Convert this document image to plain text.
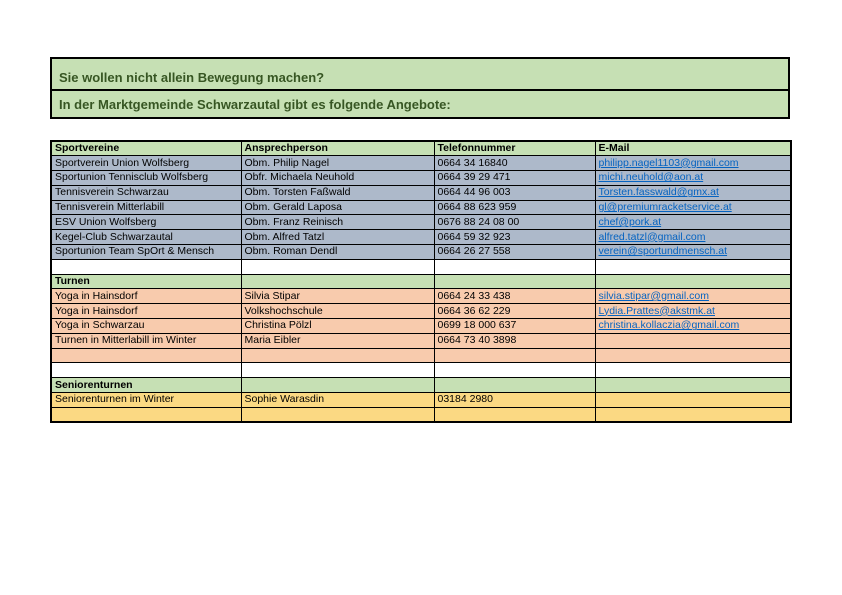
Sie wollen nicht allein Bewegung machen?
In der Marktgemeinde Schwarzautal gibt es folgende Angebote:
Sportvereine	Ansprechperson	Telefonnummer	E-Mail
Sportverein Union Wolfsberg	Obm. Philip Nagel	0664 34 16840	philipp.nagel1103@gmail.com
Sportunion Tennisclub Wolfsberg	Obfr. Michaela Neuhold	0664 39 29 471	michi.neuhold@aon.at
Tennisverein Schwarzau	Obm. Torsten Faßwald	0664 44 96 003	Torsten.fasswald@gmx.at
Tennisverein Mitterlabill	Obm. Gerald Laposa	0664 88 623 959	gl@premiumracketservice.at
ESV Union Wolfsberg	Obm. Franz Reinisch	0676 88 24 08 00	chef@pork.at
Kegel-Club Schwarzautal	Obm. Alfred Tatzl	0664 59 32 923	alfred.tatzl@gmail.com
Sportunion Team SpOrt & Mensch	Obm. Roman Dendl	0664 26 27 558	verein@sportundmensch.at

Turnen			
Yoga in Hainsdorf	Silvia Stipar	0664 24 33 438	silvia.stipar@gmail.com
Yoga in Hainsdorf	Volkshochschule	0664 36 62 229	Lydia.Prattes@akstmk.at
Yoga in Schwarzau	Christina Pölzl	0699 18 000 637	christina.kollaczia@gmail.com
Turnen in Mitterlabill im Winter	Maria Eibler	0664 73 40 3898	

Seniorenturnen			
Seniorenturnen im Winter	Sophie Warasdin	03184 2980	
